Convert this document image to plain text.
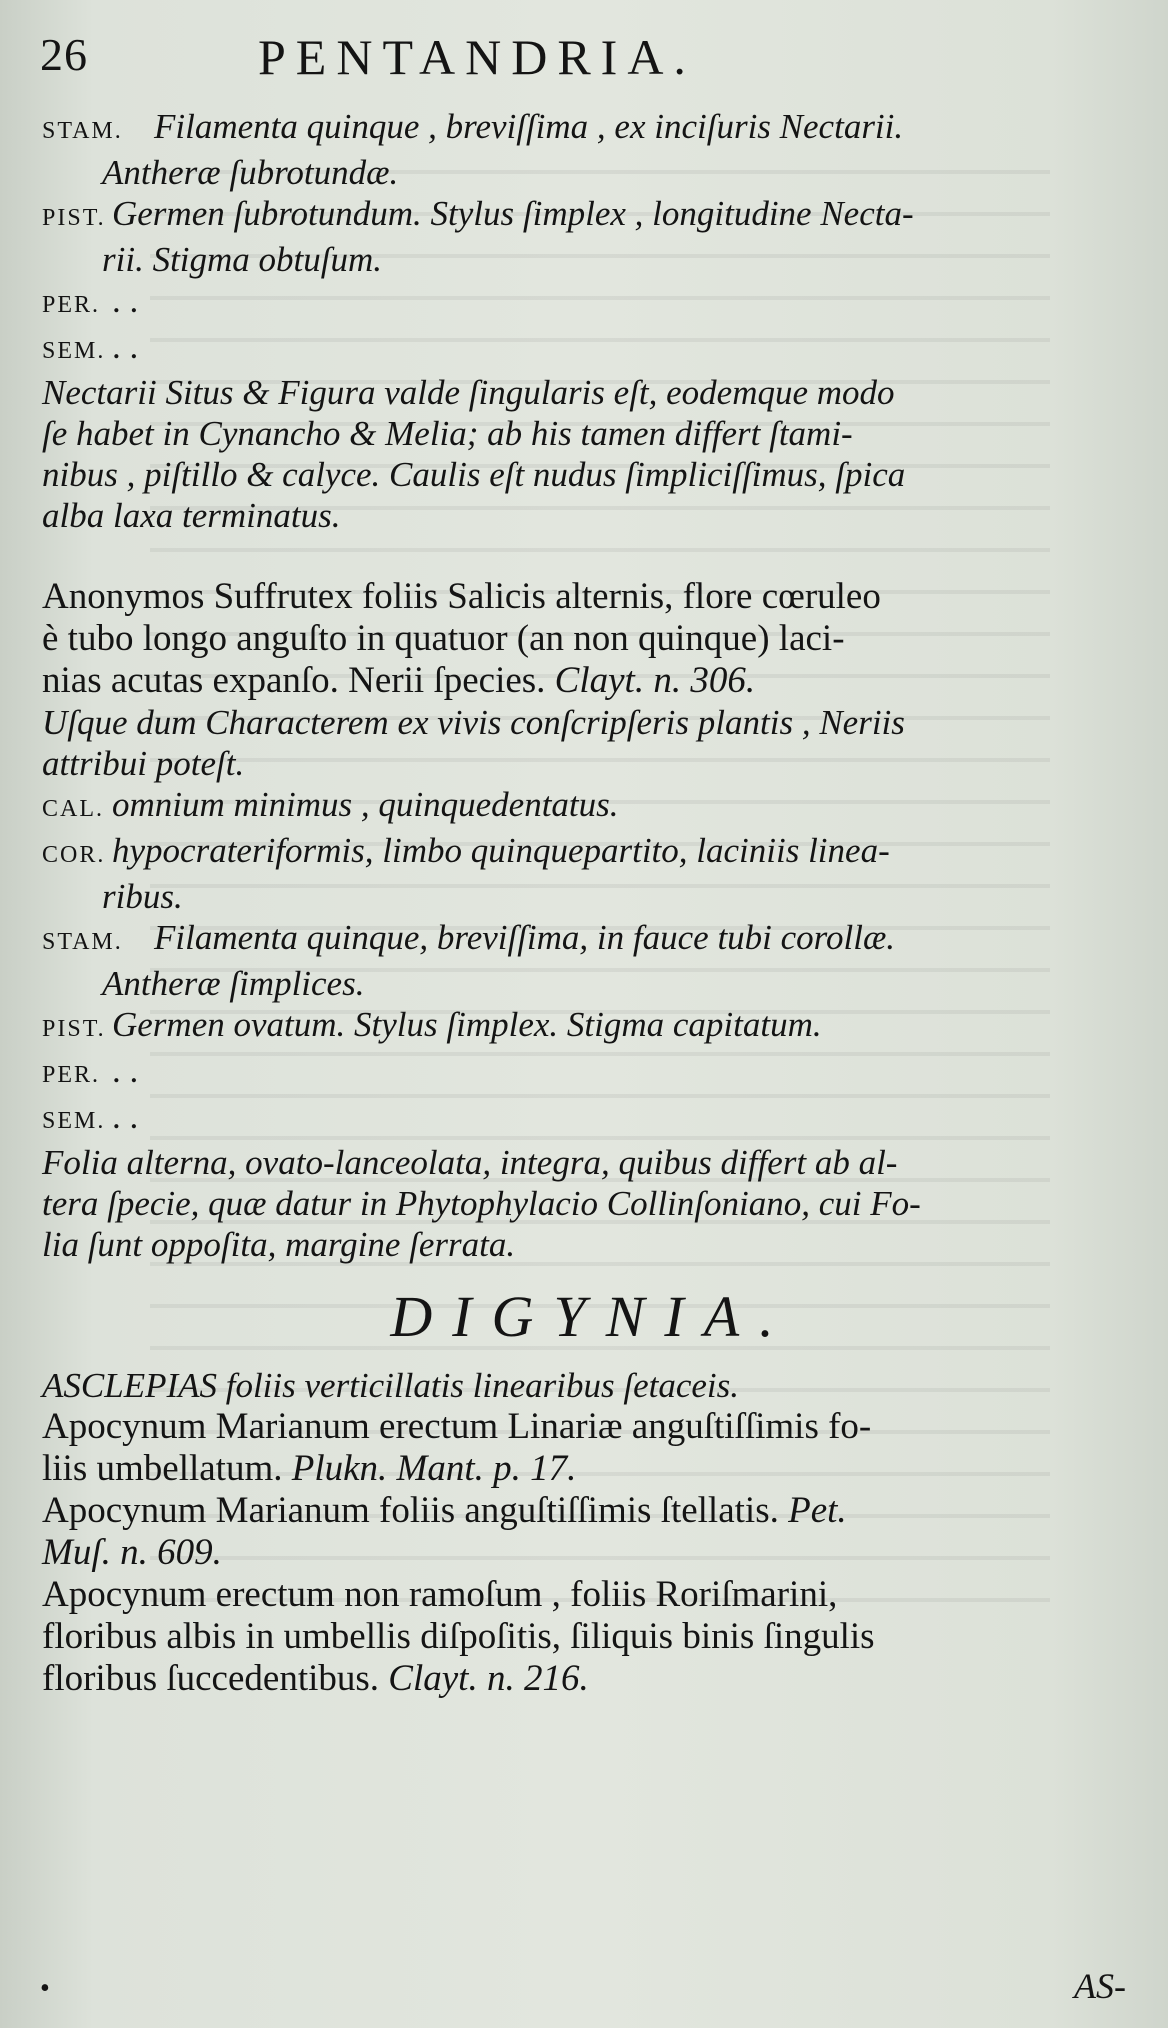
26	PENTANDRIA.

STAM. Filamenta quinque , breviſſima , ex inciſuris Nectarii.

Antheræ ſubrotundæ.

PIST. Germen ſubrotundum. Stylus ſimplex , longitudine Necta-

rii. Stigma obtuſum.

PER. . .

SEM. . .

Nectarii Situs & Figura valde ſingularis eſt, eodemque modo

ſe habet in Cynancho & Melia; ab his tamen differt ſtami-

nibus , piſtillo & calyce. Caulis eſt nudus ſimpliciſſimus, ſpica

alba laxa terminatus.

Anonymos Suffrutex foliis Salicis alternis, flore cœruleo

è tubo longo anguſto in quatuor (an non quinque) laci-

nias acutas expanſo. Nerii ſpecies. Clayt. n. 306.

Uſque dum Characterem ex vivis conſcripſeris plantis , Neriis

attribui poteſt.

CAL. omnium minimus , quinquedentatus.

COR. hypocrateriformis, limbo quinquepartito, laciniis linea-

ribus.

STAM. Filamenta quinque, breviſſima, in fauce tubi corollæ.

Antheræ ſimplices.

PIST. Germen ovatum. Stylus ſimplex. Stigma capitatum.

PER. . .

SEM. . .

Folia alterna, ovato-lanceolata, integra, quibus differt ab al-

tera ſpecie, quæ datur in Phytophylacio Collinſoniano, cui Fo-

lia ſunt oppoſita, margine ſerrata.

DIGYNIA.

ASCLEPIAS foliis verticillatis linearibus ſetaceis.

Apocynum Marianum erectum Linariæ anguſtiſſimis fo-

liis umbellatum. Plukn. Mant. p. 17.

Apocynum Marianum foliis anguſtiſſimis ſtellatis. Pet.

Muſ. n. 609.

Apocynum erectum non ramoſum , foliis Roriſmarini,

floribus albis in umbellis diſpoſitis, ſiliquis binis ſingulis

floribus ſuccedentibus. Clayt. n. 216.

•	AS-
